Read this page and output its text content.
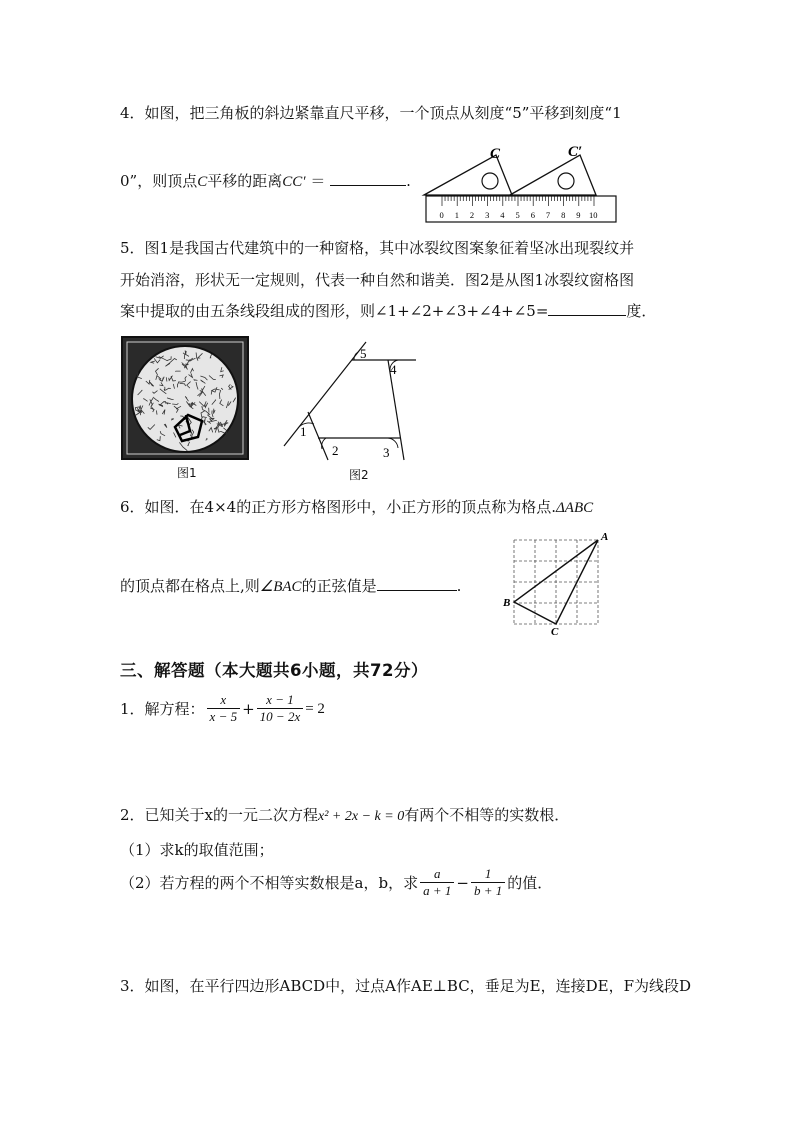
4．如图，把三角板的斜边紧靠直尺平移，一个顶点从刻度“5”平移到刻度“1
0”，则顶点C平移的距离CC′ ＝	.
0 1 2 3 4 5 6 7 8 9 10
C	C′
5．图1是我国古代建筑中的一种窗格，其中冰裂纹图案象征着坚冰出现裂纹并
开始消溶，形状无一定规则，代表一种自然和谐美．图2是从图1冰裂纹窗格图
案中提取的由五条线段组成的图形，则∠1+∠2+∠3+∠4+∠5=	度．
图1
1
2	3
4
5
图2
6．如图．在4×4的正方形方格图形中，小正方形的顶点称为格点.ΔABC
的顶点都在格点上,则∠BAC的正弦值是	.
A
B
C
三、解答题（本大题共6小题，共72分）
1．解方程： $\frac{x}{x - 5} + \frac{x - 1}{10 - 2x} = 2$
2．已知关于x的一元二次方程x² + 2x − k = 0有两个不相等的实数根．
（1）求k的取值范围；
（2）若方程的两个不相等实数根是a，b，求 $\frac{a}{a + 1} - \frac{1}{b + 1}$ 的值．
3．如图，在平行四边形ABCD中，过点A作AE⊥BC，垂足为E，连接DE，F为线段D
